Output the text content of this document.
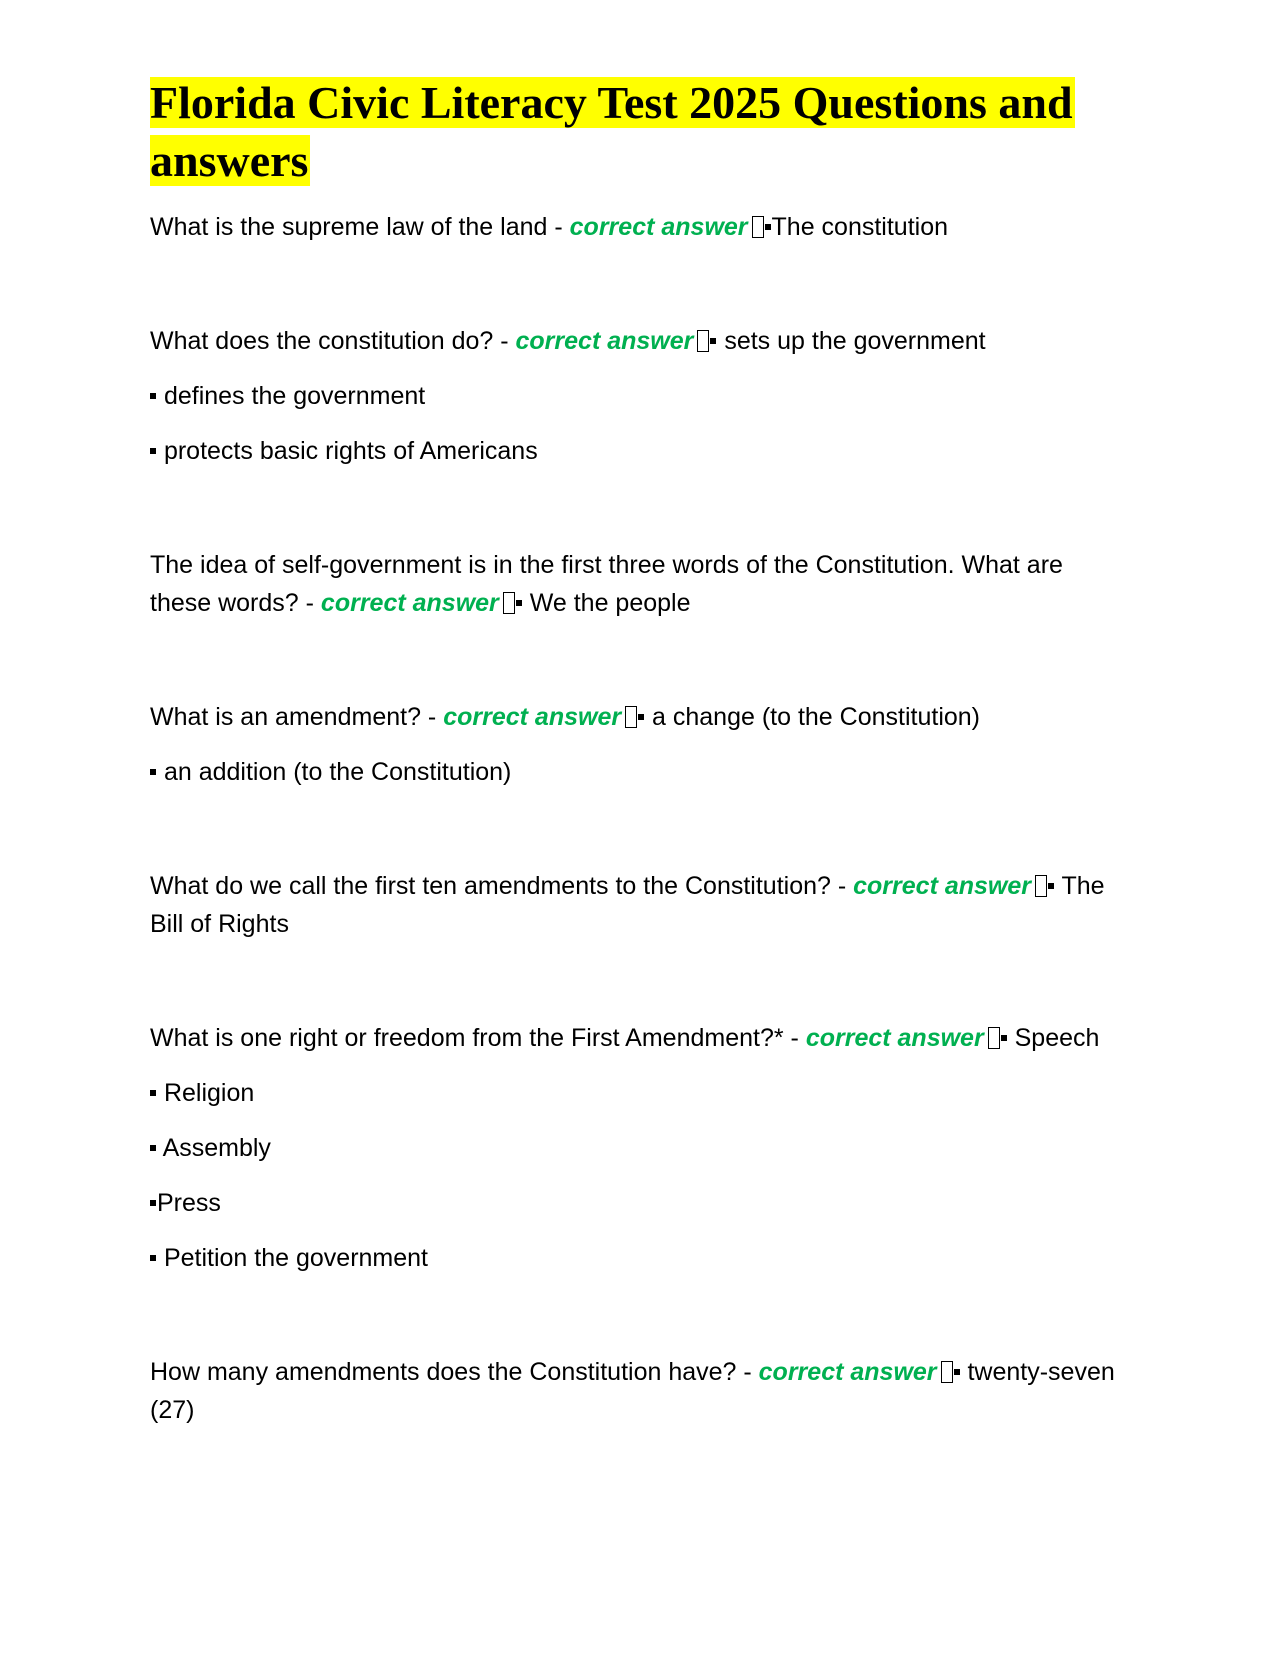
Florida Civic Literacy Test 2025 Questions and answers

What is the supreme law of the land - correct answer The constitution

What does the constitution do? - correct answer sets up the government

defines the government

protects basic rights of Americans

The idea of self-government is in the first three words of the Constitution. What are these words? - correct answer We the people

What is an amendment? - correct answer a change (to the Constitution)

an addition (to the Constitution)

What do we call the first ten amendments to the Constitution? - correct answer The Bill of Rights

What is one right or freedom from the First Amendment?* - correct answer Speech

Religion

Assembly

Press

Petition the government

How many amendments does the Constitution have? - correct answer twenty-seven (27)
